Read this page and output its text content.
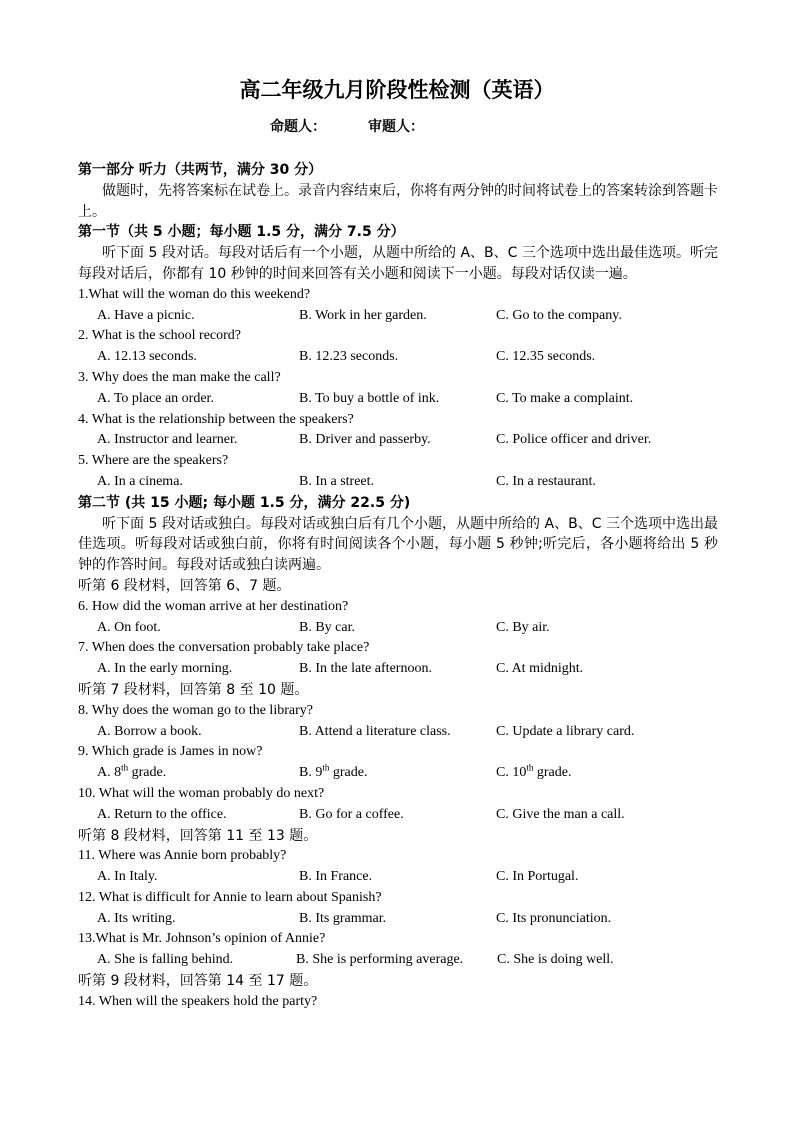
高二年级九月阶段性检测（英语）
命题人：	审题人：
第一部分 听力（共两节，满分 30 分）
做题时，先将答案标在试卷上。录音内容结束后，你将有两分钟的时间将试卷上的答案转涂到答题卡上。
第一节（共 5 小题；每小题 1.5 分，满分 7.5 分）
听下面 5 段对话。每段对话后有一个小题，从题中所给的 A、B、C 三个选项中选出最佳选项。听完每段对话后，你都有 10 秒钟的时间来回答有关小题和阅读下一小题。每段对话仅读一遍。
1.What will the woman do this weekend?
A. Have a picnic.	B. Work in her garden.	C. Go to the company.
2. What is the school record?
A. 12.13 seconds.	B. 12.23 seconds.	C. 12.35 seconds.
3. Why does the man make the call?
A. To place an order.	B. To buy a bottle of ink.	C. To make a complaint.
4. What is the relationship between the speakers?
A. Instructor and learner.	B. Driver and passerby.	C. Police officer and driver.
5. Where are the speakers?
A. In a cinema.	B. In a street.	C. In a restaurant.
第二节 (共 15 小题; 每小题 1.5 分，满分 22.5 分)
听下面 5 段对话或独白。每段对话或独白后有几个小题，从题中所给的 A、B、C 三个选项中选出最佳选项。听每段对话或独白前，你将有时间阅读各个小题，每小题 5 秒钟;听完后，各小题将给出 5 秒钟的作答时间。每段对话或独白读两遍。
听第 6 段材料，回答第 6、7 题。
6. How did the woman arrive at her destination?
A. On foot.	B. By car.	C. By air.
7. When does the conversation probably take place?
A. In the early morning.	B. In the late afternoon.	C. At midnight.
听第 7 段材料，回答第 8 至 10 题。
8. Why does the woman go to the library?
A. Borrow a book.	B. Attend a literature class.	C. Update a library card.
9. Which grade is James in now?
A. 8th grade.	B. 9th grade.	C. 10th grade.
10. What will the woman probably do next?
A. Return to the office.	B. Go for a coffee.	C. Give the man a call.
听第 8 段材料，回答第 11 至 13 题。
11. Where was Annie born probably?
A. In Italy.	B. In France.	C. In Portugal.
12. What is difficult for Annie to learn about Spanish?
A. Its writing.	B. Its grammar.	C. Its pronunciation.
13.What is Mr. Johnson’s opinion of Annie?
A. She is falling behind.	B. She is performing average.	C. She is doing well.
听第 9 段材料，回答第 14 至 17 题。
14. When will the speakers hold the party?
